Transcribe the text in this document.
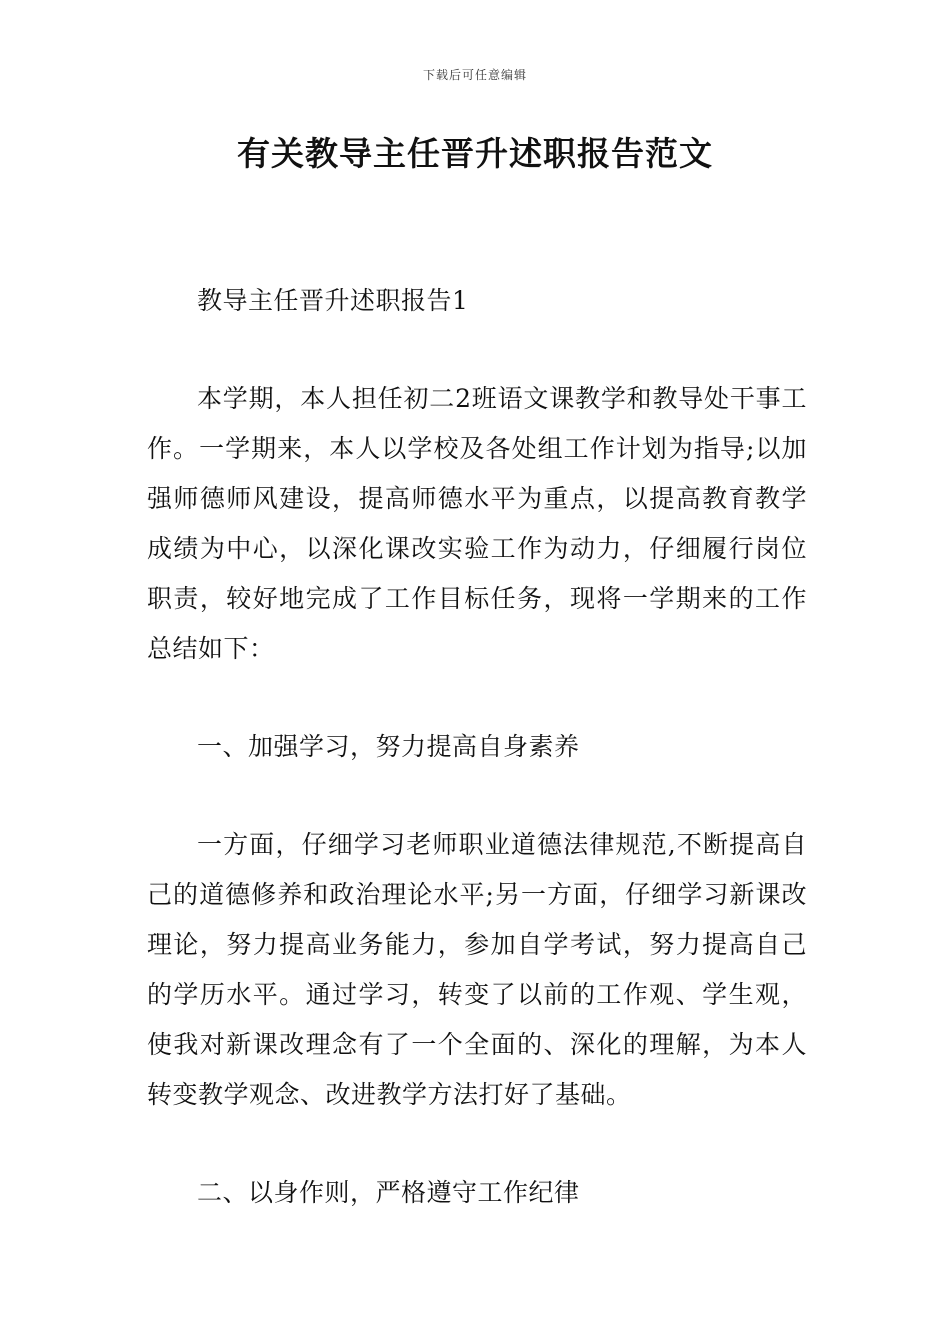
下载后可任意编辑
有关教导主任晋升述职报告范文

教导主任晋升述职报告1

本学期，本人担任初二2班语文课教学和教导处干事工作。一学期来，本人以学校及各处组工作计划为指导;以加强师德师风建设，提高师德水平为重点，以提高教育教学成绩为中心，以深化课改实验工作为动力，仔细履行岗位职责，较好地完成了工作目标任务，现将一学期来的工作总结如下：

一、加强学习，努力提高自身素养

一方面，仔细学习老师职业道德法律规范,不断提高自己的道德修养和政治理论水平;另一方面，仔细学习新课改理论，努力提高业务能力，参加自学考试，努力提高自己的学历水平。通过学习，转变了以前的工作观、学生观，使我对新课改理念有了一个全面的、深化的理解，为本人转变教学观念、改进教学方法打好了基础。

二、以身作则，严格遵守工作纪律
